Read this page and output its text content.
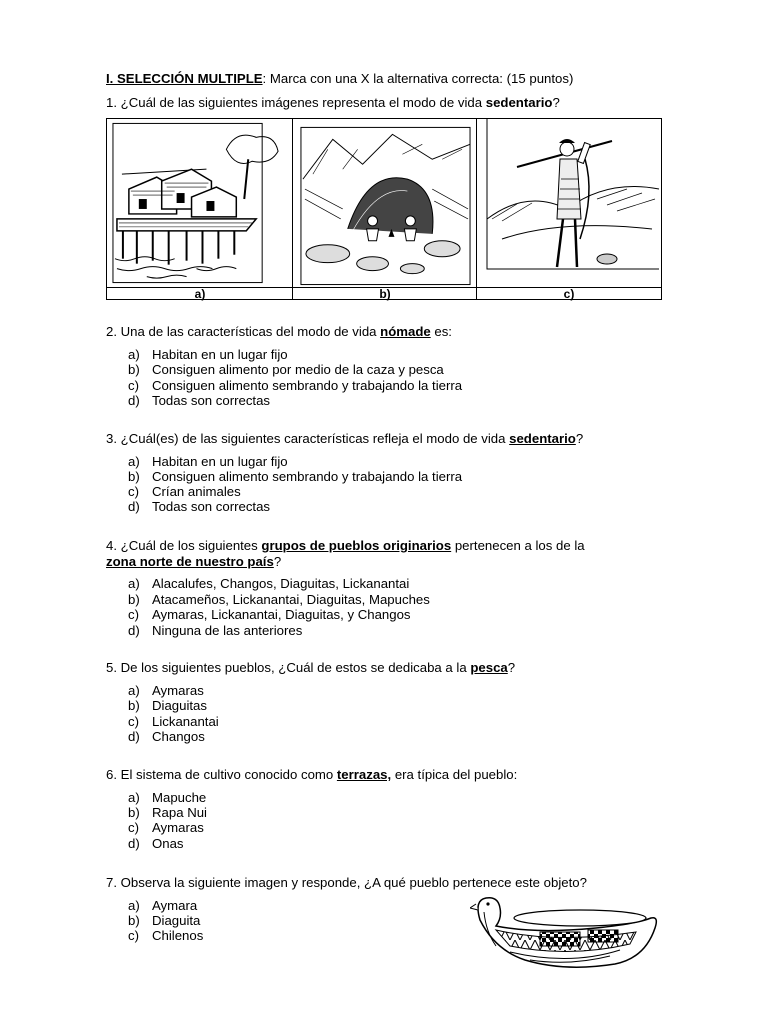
I. SELECCIÓN MULTIPLE: Marca con una X la alternativa correcta: (15 puntos)
1. ¿Cuál de las siguientes imágenes representa el modo de vida sedentario?
a)	b)	c)
2. Una de las características del modo de vida nómade es:
a) Habitan en un lugar fijo
b) Consiguen alimento por medio de la caza y pesca
c) Consiguen alimento sembrando y trabajando la tierra
d) Todas son correctas
3. ¿Cuál(es) de las siguientes características refleja el modo de vida sedentario?
a) Habitan en un lugar fijo
b) Consiguen alimento sembrando y trabajando la tierra
c) Crían animales
d) Todas son correctas
4. ¿Cuál de los siguientes grupos de pueblos originarios pertenecen a los de la
zona norte de nuestro país?
a) Alacalufes, Changos, Diaguitas, Lickanantai
b) Atacameños, Lickanantai, Diaguitas, Mapuches
c) Aymaras, Lickanantai, Diaguitas, y Changos
d) Ninguna de las anteriores
5. De los siguientes pueblos, ¿Cuál de estos se dedicaba a la pesca?
a) Aymaras
b) Diaguitas
c) Lickanantai
d) Changos
6. El sistema de cultivo conocido como terrazas, era típica del pueblo:
a) Mapuche
b) Rapa Nui
c) Aymaras
d) Onas
7. Observa la siguiente imagen y responde, ¿A qué pueblo pertenece este objeto?
a) Aymara
b) Diaguita
c) Chilenos
